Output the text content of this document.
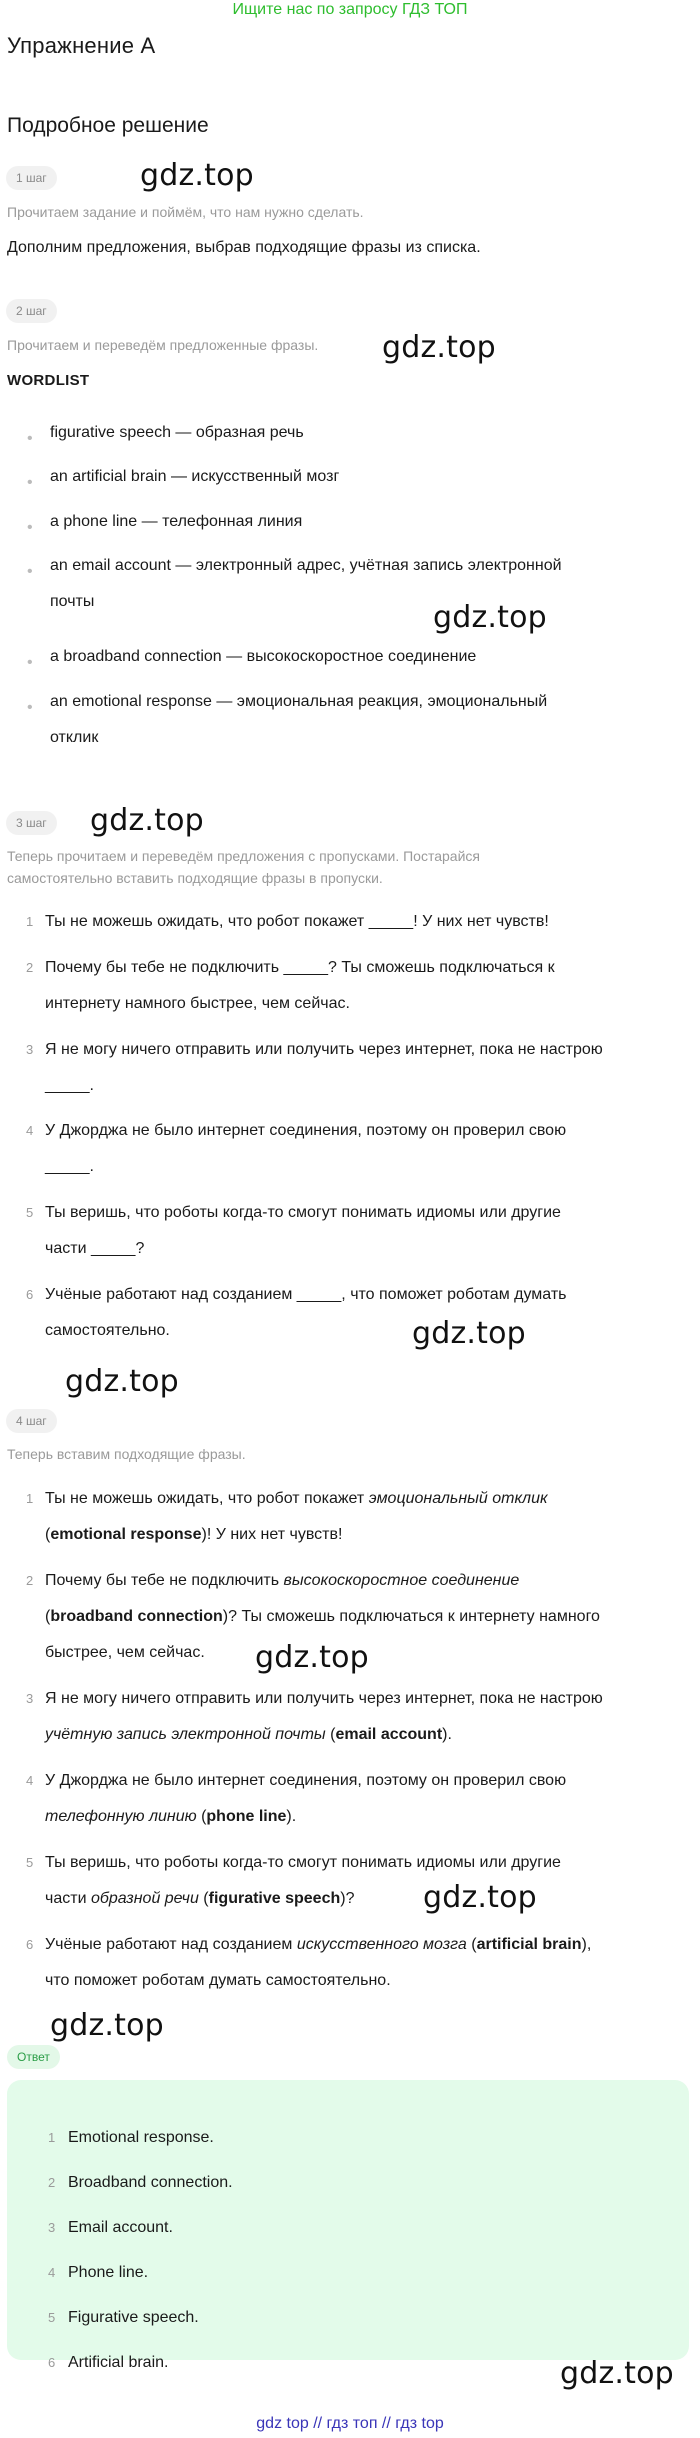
Ищите нас по запросу ГДЗ ТОП
Упражнение A
Подробное решение
1 шаг	gdz.top
Прочитаем задание и поймём, что нам нужно сделать.
Дополним предложения, выбрав подходящие фразы из списка.
2 шаг
Прочитаем и переведём предложенные фразы.	gdz.top
WORDLIST
• figurative speech — образная речь
• an artificial brain — искусственный мозг
• a phone line — телефонная линия
• an email account — электронный адрес, учётная запись электронной
почты	gdz.top
• a broadband connection — высокоскоростное соединение
• an emotional response — эмоциональная реакция, эмоциональный
отклик
3 шаг	gdz.top
Теперь прочитаем и переведём предложения с пропусками. Постарайся
самостоятельно вставить подходящие фразы в пропуски.
1 Ты не можешь ожидать, что робот покажет _____! У них нет чувств!
2 Почему бы тебе не подключить _____? Ты сможешь подключаться к
интернету намного быстрее, чем сейчас.
3 Я не могу ничего отправить или получить через интернет, пока не настрою
_____.
4 У Джорджа не было интернет соединения, поэтому он проверил свою
_____.
5 Ты веришь, что роботы когда-то смогут понимать идиомы или другие
части _____?
6 Учёные работают над созданием _____, что поможет роботам думать
самостоятельно.	gdz.top
gdz.top
4 шаг
Теперь вставим подходящие фразы.
1 Ты не можешь ожидать, что робот покажет эмоциональный отклик
(emotional response)! У них нет чувств!
2 Почему бы тебе не подключить высокоскоростное соединение
(broadband connection)? Ты сможешь подключаться к интернету намного
быстрее, чем сейчас.	gdz.top
3 Я не могу ничего отправить или получить через интернет, пока не настрою
учётную запись электронной почты (email account).
4 У Джорджа не было интернет соединения, поэтому он проверил свою
телефонную линию (phone line).
5 Ты веришь, что роботы когда-то смогут понимать идиомы или другие
части образной речи (figurative speech)?	gdz.top
6 Учёные работают над созданием искусственного мозга (artificial brain),
что поможет роботам думать самостоятельно.
gdz.top
Ответ
1 Emotional response.
2 Broadband connection.
3 Email account.
4 Phone line.
5 Figurative speech.
6 Artificial brain.	gdz.top
gdz top // гдз топ // гдз top
